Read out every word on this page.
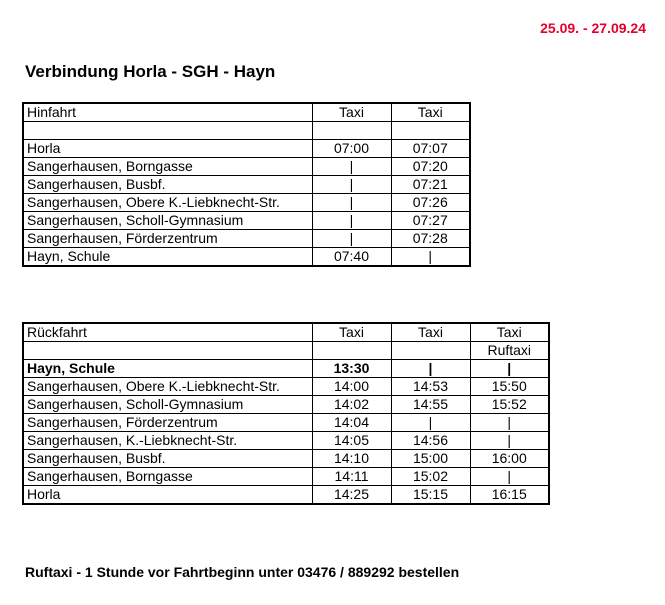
25.09. - 27.09.24
Verbindung Horla - SGH - Hayn
Hinfahrt	Taxi	Taxi

Horla	07:00	07:07
Sangerhausen, Borngasse	|	07:20
Sangerhausen, Busbf.	|	07:21
Sangerhausen, Obere K.-Liebknecht-Str.	|	07:26
Sangerhausen, Scholl-Gymnasium	|	07:27
Sangerhausen, Förderzentrum	|	07:28
Hayn, Schule	07:40	|
Rückfahrt	Taxi	Taxi	Taxi
			Ruftaxi
Hayn, Schule	13:30	|	|
Sangerhausen, Obere K.-Liebknecht-Str.	14:00	14:53	15:50
Sangerhausen, Scholl-Gymnasium	14:02	14:55	15:52
Sangerhausen, Förderzentrum	14:04	|	|
Sangerhausen, K.-Liebknecht-Str.	14:05	14:56	|
Sangerhausen, Busbf.	14:10	15:00	16:00
Sangerhausen, Borngasse	14:11	15:02	|
Horla	14:25	15:15	16:15
Ruftaxi - 1 Stunde vor Fahrtbeginn unter 03476 / 889292 bestellen
